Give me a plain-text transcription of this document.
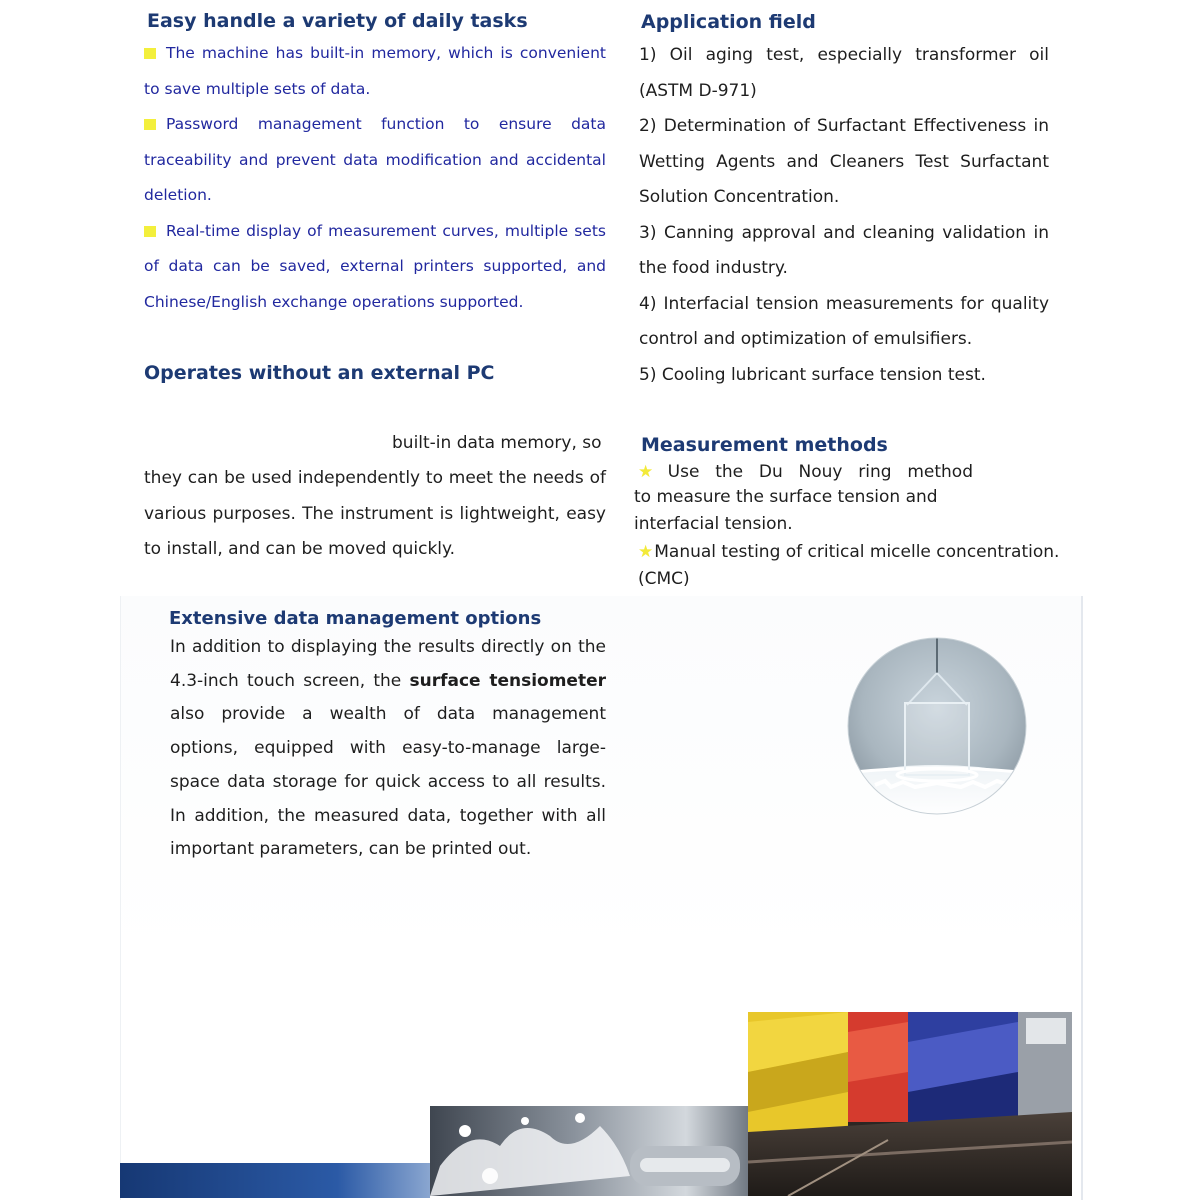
Easy handle a variety of daily tasks
The machine has built-in memory, which is convenient to save multiple sets of data.
Password management function to ensure data traceability and prevent data modification and accidental deletion.
Real-time display of measurement curves, multiple sets of data can be saved, external printers supported, and Chinese/English exchange operations supported.
Operates without an external PC
built-in data memory, so
they can be used independently to meet the needs of various purposes. The instrument is lightweight, easy to install, and can be moved quickly.
Extensive data management options
In addition to displaying the results directly on the 4.3-inch touch screen, the surface tensiometer also provide a wealth of data management options, equipped with easy-to-manage large-space data storage for quick access to all results. In addition, the measured data, together with all important parameters, can be printed out.
Application field

1) Oil aging test, especially transformer oil (ASTM D-971)

2) Determination of Surfactant Effectiveness in Wetting Agents and Cleaners Test Surfactant Solution Concentration.

3) Canning approval and cleaning validation in the food industry.

4) Interfacial tension measurements for quality control and optimization of emulsifiers.

5) Cooling lubricant surface tension test.

Measurement methods
★ Use the Du Nouy ring method
to measure the surface tension and interfacial tension.
★Manual testing of critical micelle concentration. (CMC)
